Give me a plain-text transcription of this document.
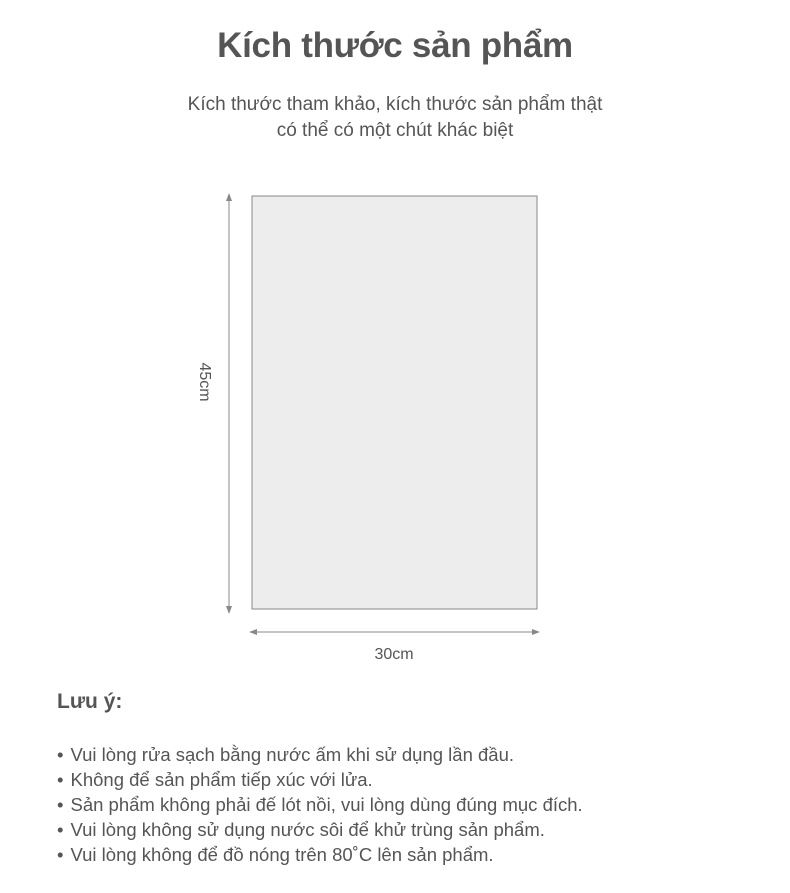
Kích thước sản phẩm
Kích thước tham khảo, kích thước sản phẩm thật
có thể có một chút khác biệt
45cm
30cm
Lưu ý:
• Vui lòng rửa sạch bằng nước ấm khi sử dụng lần đầu.
• Không để sản phẩm tiếp xúc với lửa.
• Sản phẩm không phải đế lót nồi, vui lòng dùng đúng mục đích.
• Vui lòng không sử dụng nước sôi để khử trùng sản phẩm.
• Vui lòng không để đồ nóng trên 80˚C lên sản phẩm.
